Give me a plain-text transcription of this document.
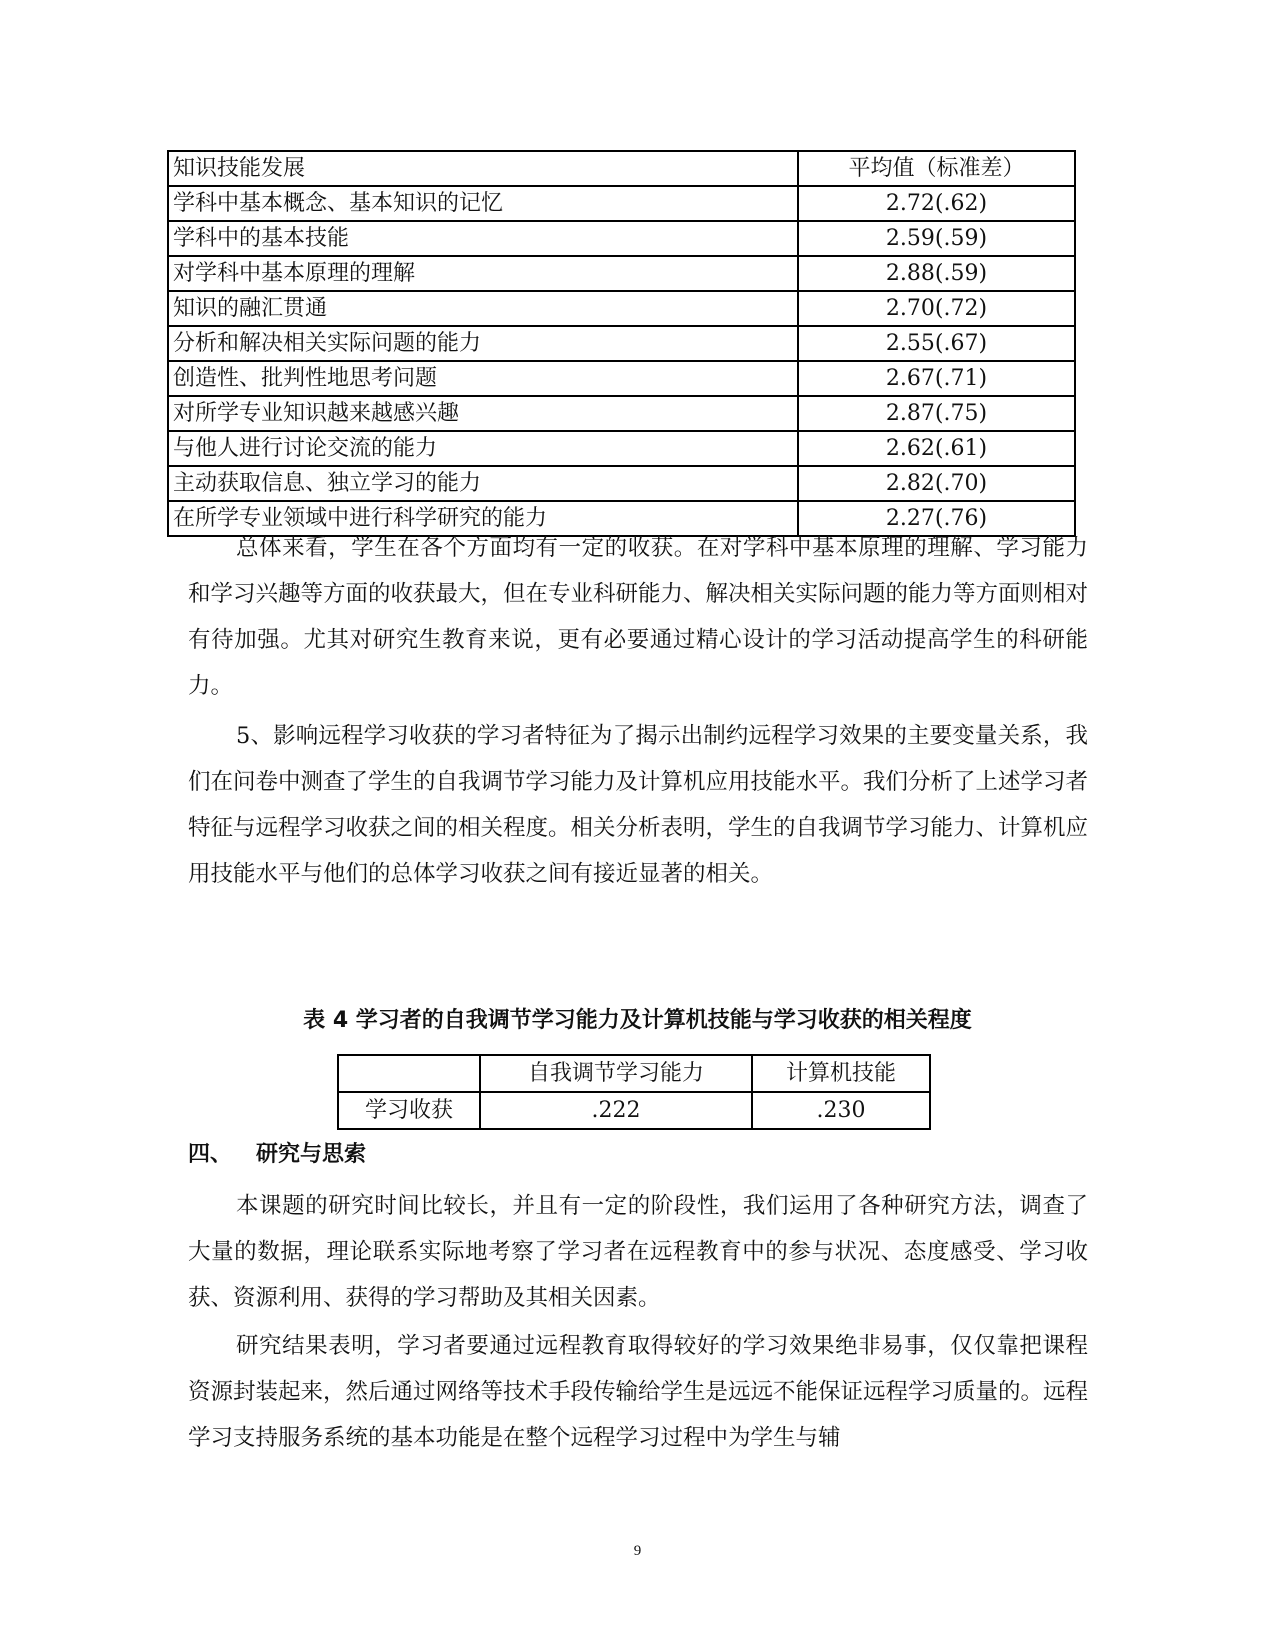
知识技能发展	平均值（标准差）
学科中基本概念、基本知识的记忆	2.72(.62)
学科中的基本技能	2.59(.59)
对学科中基本原理的理解	2.88(.59)
知识的融汇贯通	2.70(.72)
分析和解决相关实际问题的能力	2.55(.67)
创造性、批判性地思考问题	2.67(.71)
对所学专业知识越来越感兴趣	2.87(.75)
与他人进行讨论交流的能力	2.62(.61)
主动获取信息、独立学习的能力	2.82(.70)
在所学专业领域中进行科学研究的能力	2.27(.76)

总体来看，学生在各个方面均有一定的收获。在对学科中基本原理的理解、学习能力和学习兴趣等方面的收获最大，但在专业科研能力、解决相关实际问题的能力等方面则相对有待加强。尤其对研究生教育来说，更有必要通过精心设计的学习活动提高学生的科研能力。

5、影响远程学习收获的学习者特征为了揭示出制约远程学习效果的主要变量关系，我们在问卷中测查了学生的自我调节学习能力及计算机应用技能水平。我们分析了上述学习者特征与远程学习收获之间的相关程度。相关分析表明，学生的自我调节学习能力、计算机应用技能水平与他们的总体学习收获之间有接近显著的相关。

表 4 学习者的自我调节学习能力及计算机技能与学习收获的相关程度
	自我调节学习能力	计算机技能
学习收获	.222	.230
四、 研究与思索

本课题的研究时间比较长，并且有一定的阶段性，我们运用了各种研究方法，调查了大量的数据，理论联系实际地考察了学习者在远程教育中的参与状况、态度感受、学习收获、资源利用、获得的学习帮助及其相关因素。

研究结果表明，学习者要通过远程教育取得较好的学习效果绝非易事，仅仅靠把课程资源封装起来，然后通过网络等技术手段传输给学生是远远不能保证远程学习质量的。远程学习支持服务系统的基本功能是在整个远程学习过程中为学生与辅

9
